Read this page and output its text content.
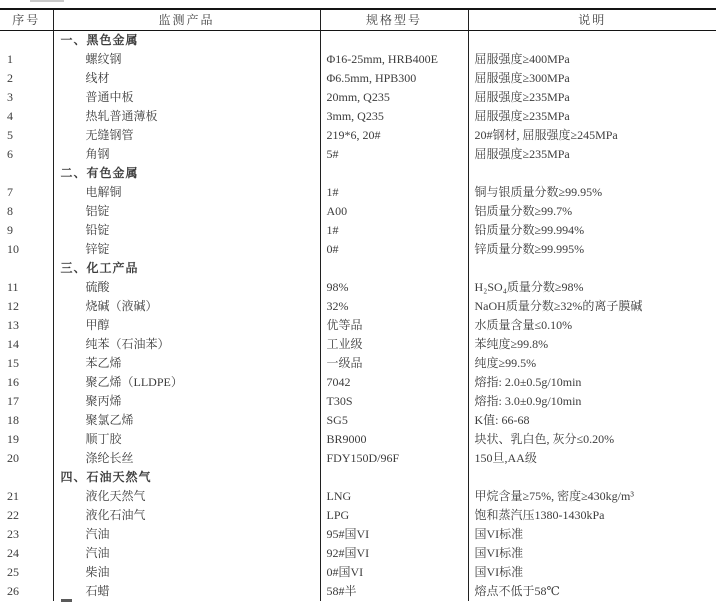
序号	监测产品	规格型号	说明
	一、黑色金属		
1	螺纹钢	Φ16-25mm, HRB400E	屈服强度≥400MPa
2	线材	Φ6.5mm, HPB300	屈服强度≥300MPa
3	普通中板	20mm, Q235	屈服强度≥235MPa
4	热轧普通薄板	3mm, Q235	屈服强度≥235MPa
5	无缝钢管	219*6, 20#	20#钢材, 屈服强度≥245MPa
6	角钢	5#	屈服强度≥235MPa
	二、有色金属		
7	电解铜	1#	铜与银质量分数≥99.95%
8	铝锭	A00	铝质量分数≥99.7%
9	铅锭	1#	铅质量分数≥99.994%
10	锌锭	0#	锌质量分数≥99.995%
	三、化工产品		
11	硫酸	98%	H₂SO₄质量分数≥98%
12	烧碱（液碱）	32%	NaOH质量分数≥32%的离子膜碱
13	甲醇	优等品	水质量含量≤0.10%
14	纯苯（石油苯）	工业级	苯纯度≥99.8%
15	苯乙烯	一级品	纯度≥99.5%
16	聚乙烯（LLDPE）	7042	熔指: 2.0±0.5g/10min
17	聚丙烯	T30S	熔指: 3.0±0.9g/10min
18	聚氯乙烯	SG5	K值: 66-68
19	顺丁胶	BR9000	块状、乳白色, 灰分≤0.20%
20	涤纶长丝	FDY150D/96F	150旦,AA级
	四、石油天然气		
21	液化天然气	LNG	甲烷含量≥75%, 密度≥430kg/m³
22	液化石油气	LPG	饱和蒸汽压1380-1430kPa
23	汽油	95#国VI	国VI标准
24	汽油	92#国VI	国VI标准
25	柴油	0#国VI	国VI标准
26	石蜡	58#半	熔点不低于58℃
